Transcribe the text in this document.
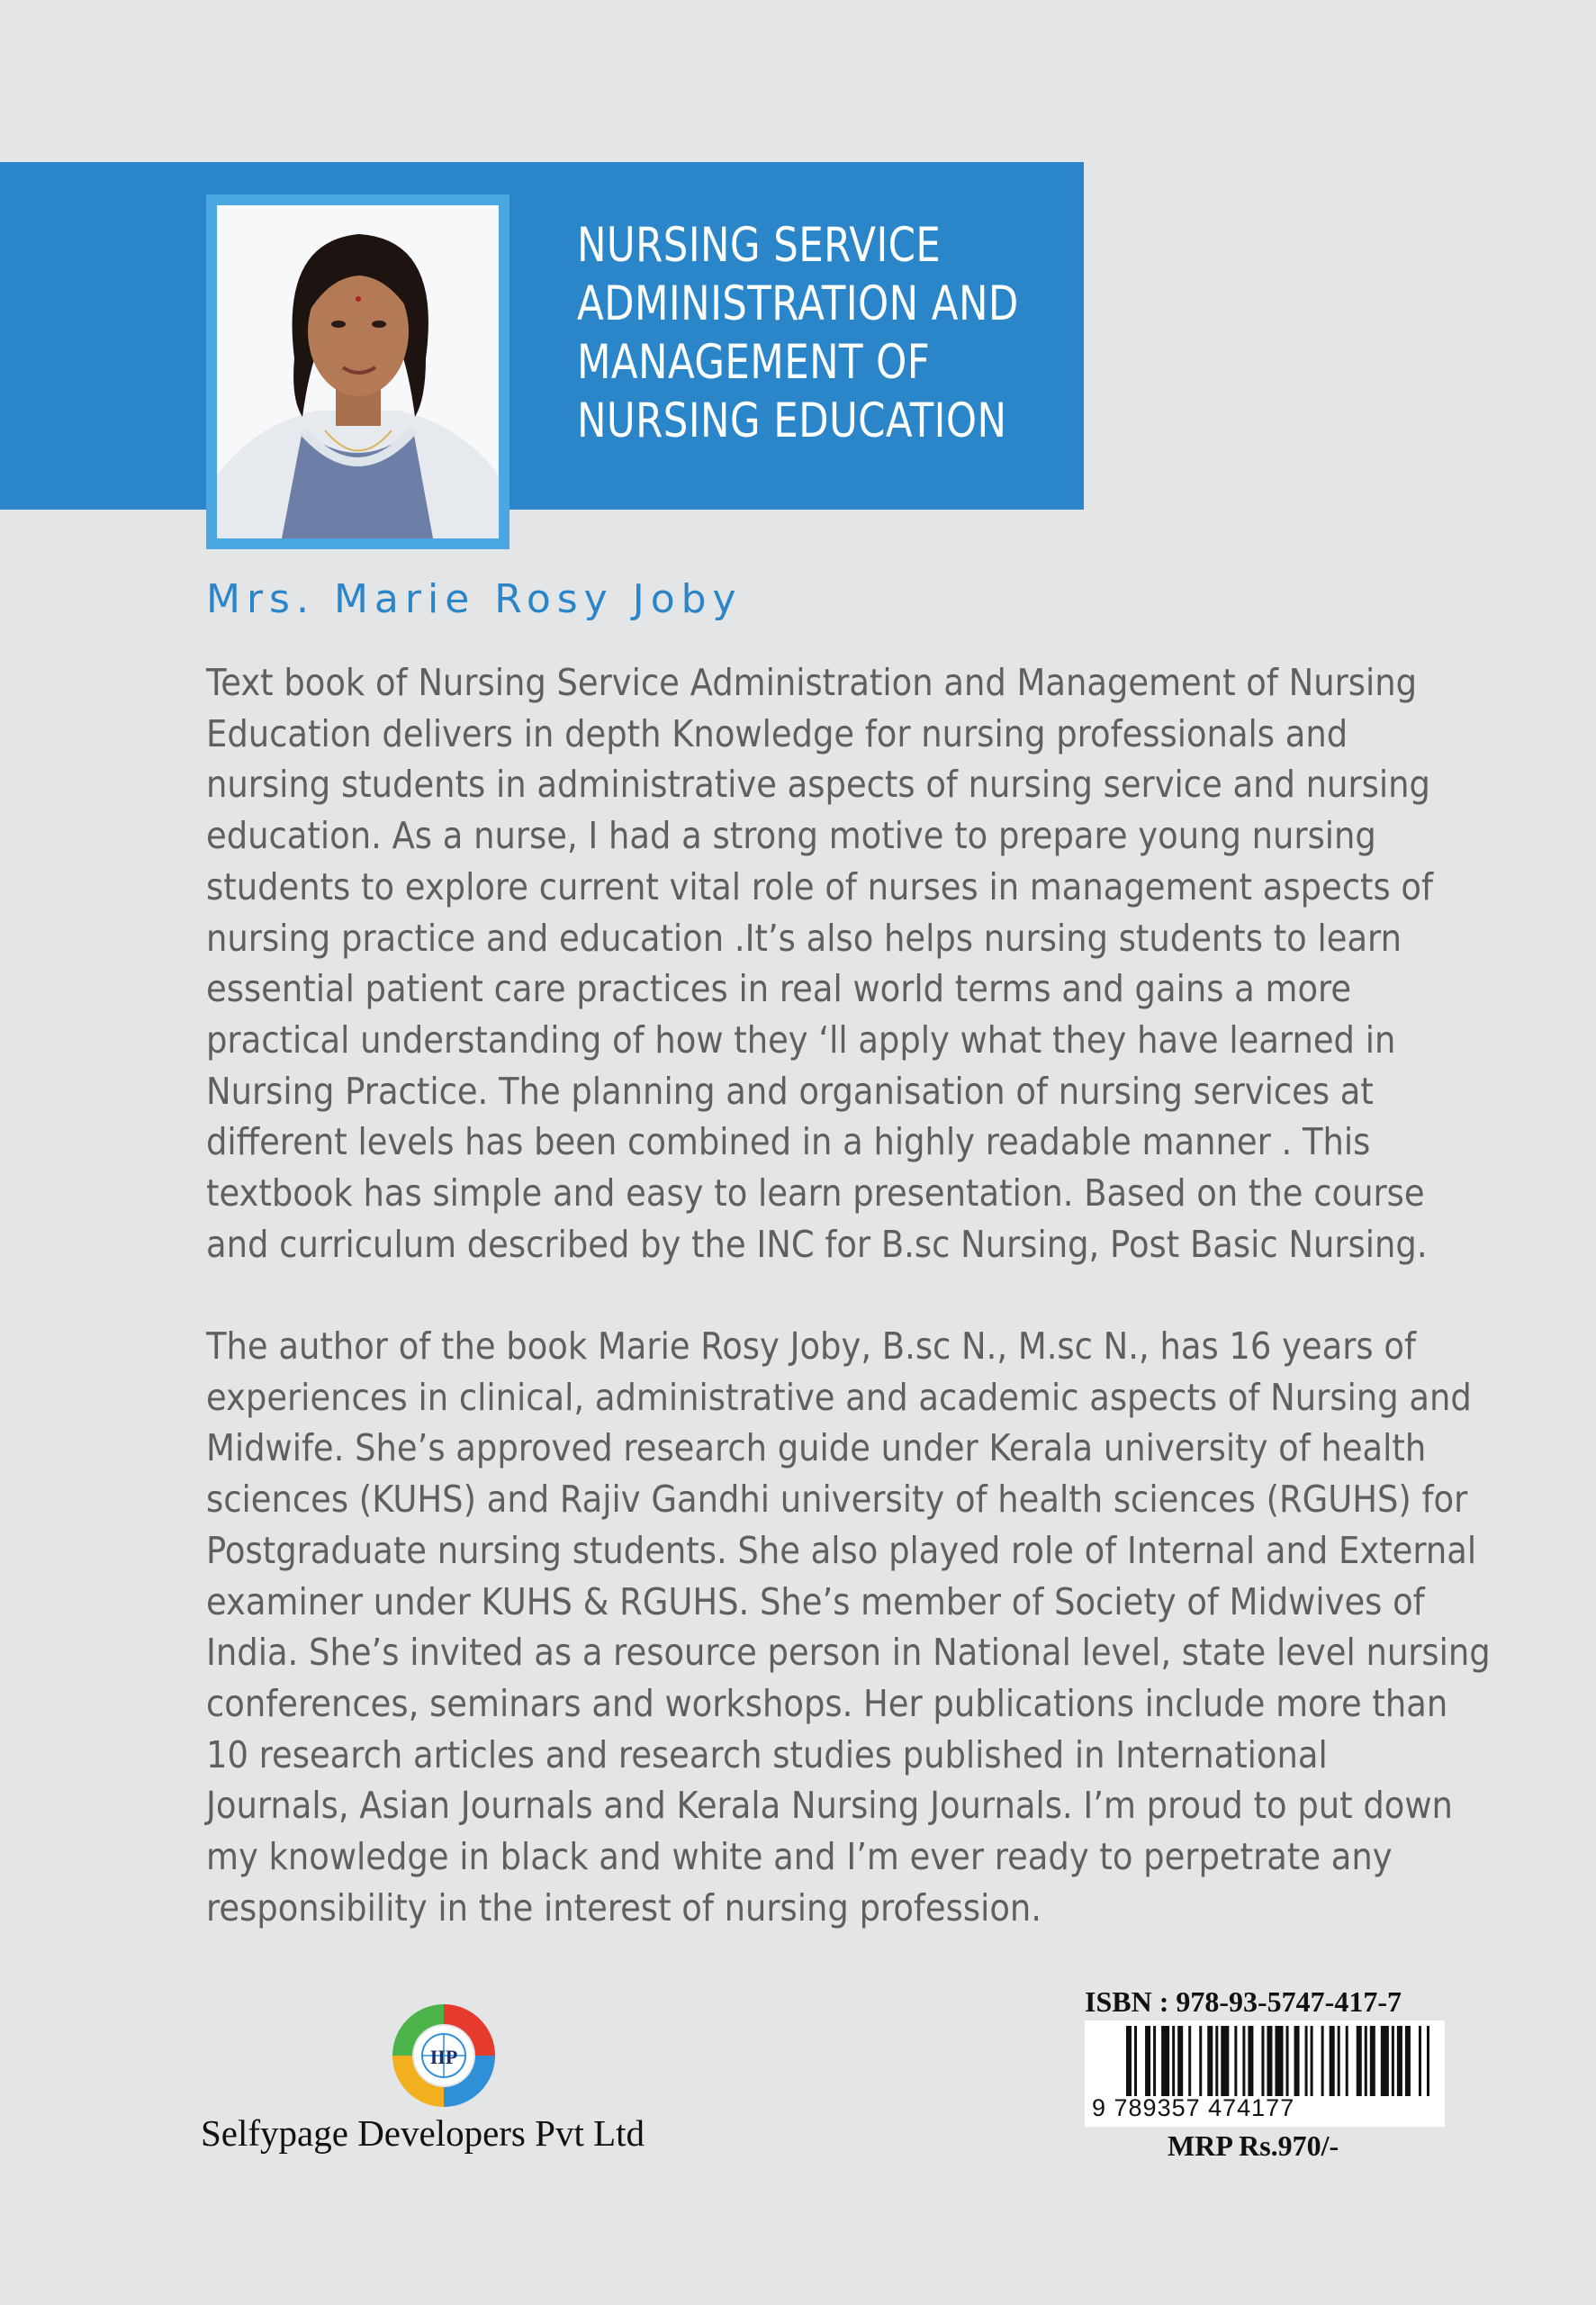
NURSING SERVICE
ADMINISTRATION AND
MANAGEMENT OF
NURSING EDUCATION
Mrs. Marie Rosy Joby
Text book of Nursing Service Administration and Management of Nursing
Education delivers in depth Knowledge for nursing professionals and
nursing students in administrative aspects of nursing service and nursing
education. As a nurse, I had a strong motive to prepare young nursing
students to explore current vital role of nurses in management aspects of
nursing practice and education .It’s also helps nursing students to learn
essential patient care practices in real world terms and gains a more
practical understanding of how they ‘ll apply what they have learned in
Nursing Practice. The planning and organisation of nursing services at
different levels has been combined in a highly readable manner . This
textbook has simple and easy to learn presentation. Based on the course
and curriculum described by the INC for B.sc Nursing, Post Basic Nursing.
The author of the book Marie Rosy Joby, B.sc N., M.sc N., has 16 years of
experiences in clinical, administrative and academic aspects of Nursing and
Midwife. She’s approved research guide under Kerala university of health
sciences (KUHS) and Rajiv Gandhi university of health sciences (RGUHS) for
Postgraduate nursing students. She also played role of Internal and External
examiner under KUHS & RGUHS. She’s member of Society of Midwives of
India. She’s invited as a resource person in National level, state level nursing
conferences, seminars and workshops. Her publications include more than
10 research articles and research studies published in International
Journals, Asian Journals and Kerala Nursing Journals. I’m proud to put down
my knowledge in black and white and I’m ever ready to perpetrate any
responsibility in the interest of nursing profession.
IIP
Selfypage Developers Pvt Ltd
ISBN : 978-93-5747-417-7
9 789357 474177
MRP Rs.970/-
